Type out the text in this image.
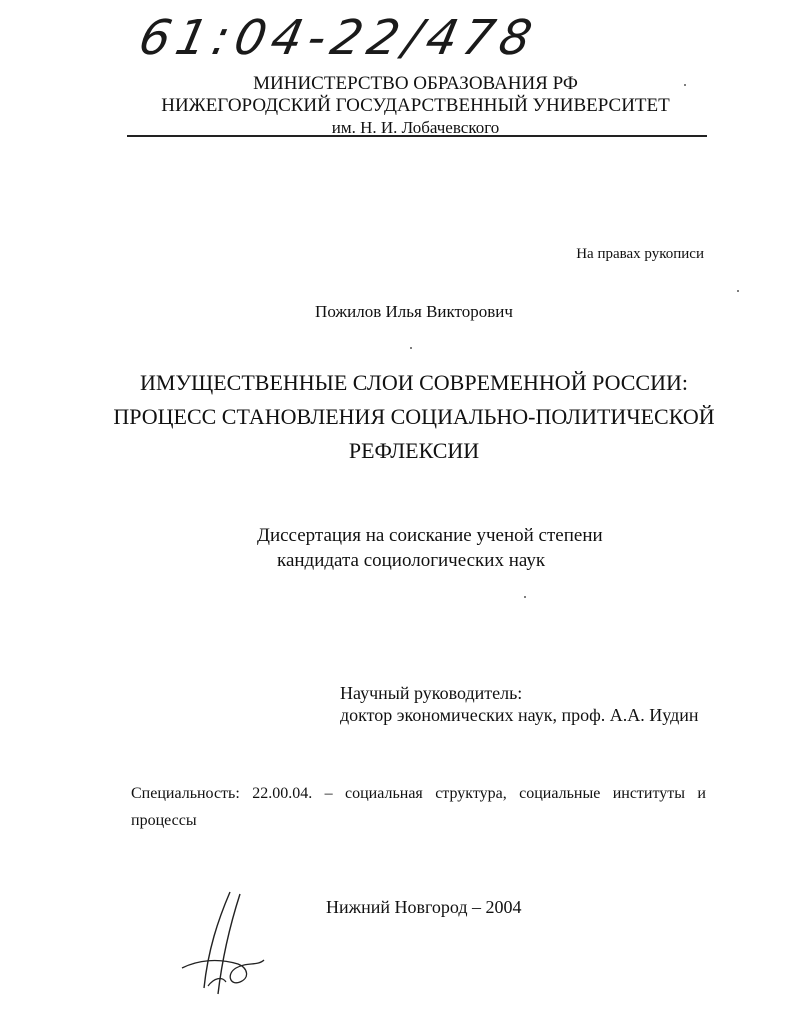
61:04-22/478
МИНИСТЕРСТВО ОБРАЗОВАНИЯ РФ
НИЖЕГОРОДСКИЙ ГОСУДАРСТВЕННЫЙ УНИВЕРСИТЕТ
им. Н. И. Лобачевского
На правах рукописи
Пожилов Илья Викторович
ИМУЩЕСТВЕННЫЕ СЛОИ СОВРЕМЕННОЙ РОССИИ:
ПРОЦЕСС СТАНОВЛЕНИЯ СОЦИАЛЬНО-ПОЛИТИЧЕСКОЙ
РЕФЛЕКСИИ
Диссертация на соискание ученой степени
кандидата социологических наук
Научный руководитель:
доктор экономических наук, проф. А.А. Иудин
Специальность: 22.00.04. – социальная структура, социальные институты и
процессы
Нижний Новгород – 2004
